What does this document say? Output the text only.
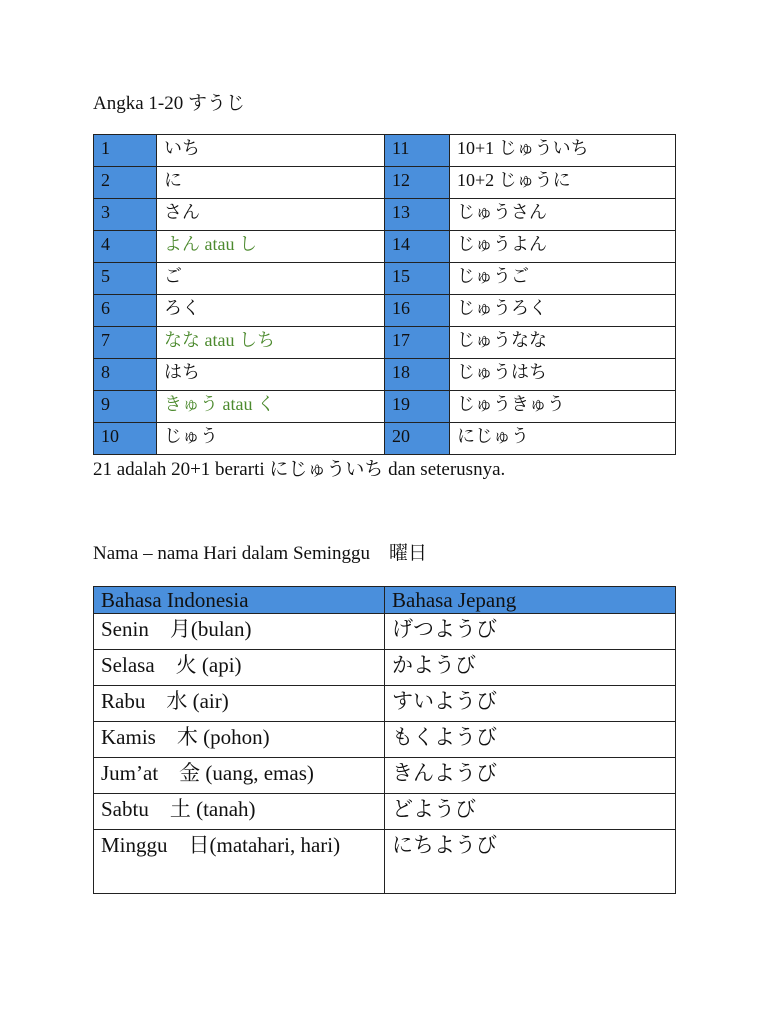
Angka 1-20 すうじ
1	いち	11	10+1 じゅういち
2	に	12	10+2 じゅうに
3	さん	13	じゅうさん
4	よん atau し	14	じゅうよん
5	ご	15	じゅうご
6	ろく	16	じゅうろく
7	なな atau しち	17	じゅうなな
8	はち	18	じゅうはち
9	きゅう atau く	19	じゅうきゅう
10	じゅう	20	にじゅう
21 adalah 20+1 berarti にじゅういち dan seterusnya.
Nama – nama Hari dalam Seminggu　曜日
Bahasa Indonesia	Bahasa Jepang
Senin　月(bulan)	げつようび
Selasa　火 (api)	かようび
Rabu　水 (air)	すいようび
Kamis　木 (pohon)	もくようび
Jum’at　金 (uang, emas)	きんようび
Sabtu　土 (tanah)	どようび
Minggu　日(matahari, hari)	にちようび
